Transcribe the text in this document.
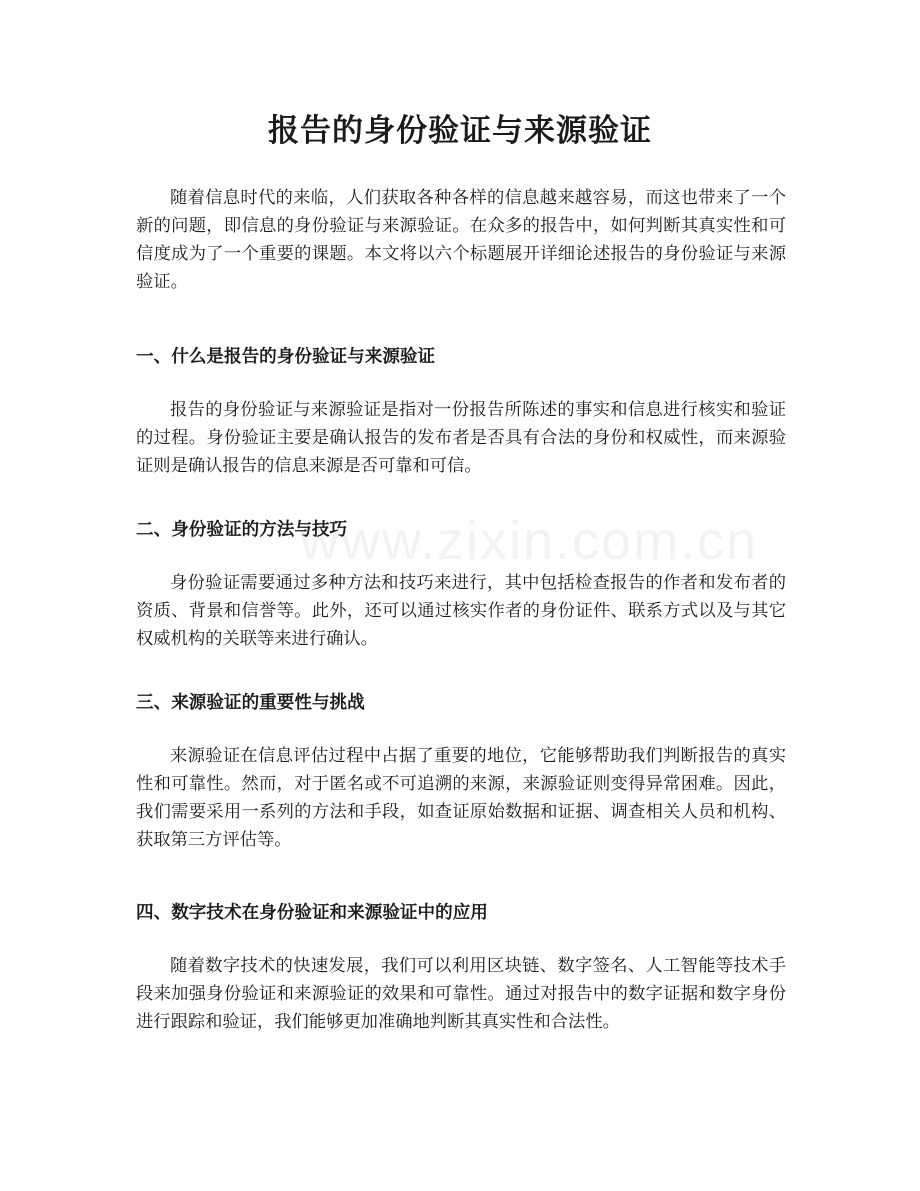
www.zixin.com.cn
报告的身份验证与来源验证

随着信息时代的来临，人们获取各种各样的信息越来越容易，而这也带来了一个新的问题，即信息的身份验证与来源验证。在众多的报告中，如何判断其真实性和可信度成为了一个重要的课题。本文将以六个标题展开详细论述报告的身份验证与来源验证。

一、什么是报告的身份验证与来源验证

报告的身份验证与来源验证是指对一份报告所陈述的事实和信息进行核实和验证的过程。身份验证主要是确认报告的发布者是否具有合法的身份和权威性，而来源验证则是确认报告的信息来源是否可靠和可信。

二、身份验证的方法与技巧

身份验证需要通过多种方法和技巧来进行，其中包括检查报告的作者和发布者的资质、背景和信誉等。此外，还可以通过核实作者的身份证件、联系方式以及与其它权威机构的关联等来进行确认。

三、来源验证的重要性与挑战

来源验证在信息评估过程中占据了重要的地位，它能够帮助我们判断报告的真实性和可靠性。然而，对于匿名或不可追溯的来源，来源验证则变得异常困难。因此，我们需要采用一系列的方法和手段，如查证原始数据和证据、调查相关人员和机构、获取第三方评估等。

四、数字技术在身份验证和来源验证中的应用

随着数字技术的快速发展，我们可以利用区块链、数字签名、人工智能等技术手段来加强身份验证和来源验证的效果和可靠性。通过对报告中的数字证据和数字身份进行跟踪和验证，我们能够更加准确地判断其真实性和合法性。
